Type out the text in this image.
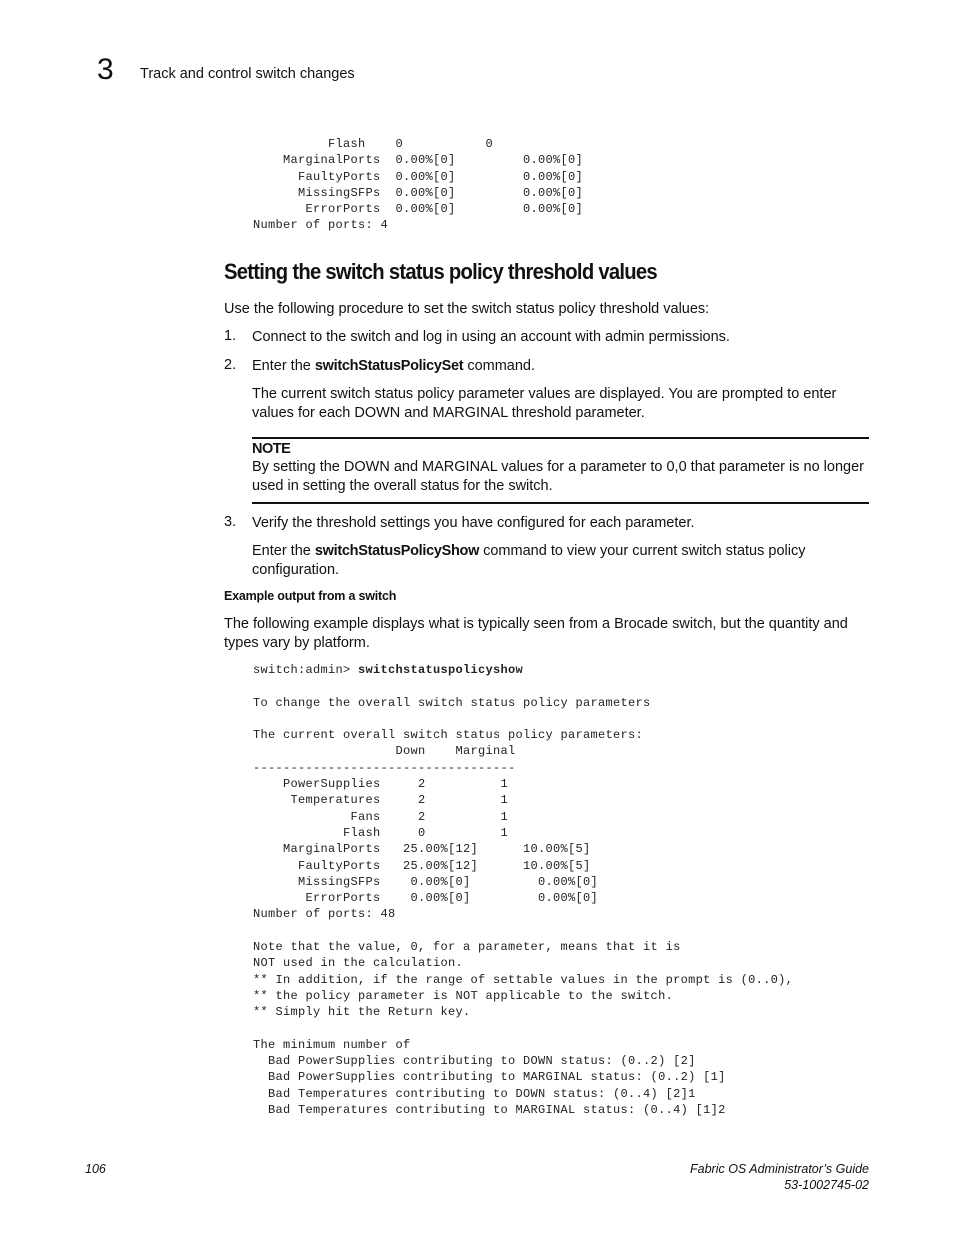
3 Track and control switch changes
Flash    0           0
MarginalPorts  0.00%[0]         0.00%[0]
FaultyPorts  0.00%[0]         0.00%[0]
MissingSFPs  0.00%[0]         0.00%[0]
ErrorPorts  0.00%[0]         0.00%[0]
Number of ports: 4
Setting the switch status policy threshold values
Use the following procedure to set the switch status policy threshold values:
1. Connect to the switch and log in using an account with admin permissions.
2. Enter the switchStatusPolicySet command.
The current switch status policy parameter values are displayed. You are prompted to enter values for each DOWN and MARGINAL threshold parameter.
NOTE
By setting the DOWN and MARGINAL values for a parameter to 0,0 that parameter is no longer used in setting the overall status for the switch.
3. Verify the threshold settings you have configured for each parameter.
Enter the switchStatusPolicyShow command to view your current switch status policy configuration.
Example output from a switch
The following example displays what is typically seen from a Brocade switch, but the quantity and types vary by platform.
switch:admin> switchstatuspolicyshow

To change the overall switch status policy parameters

The current overall switch status policy parameters:
Down    Marginal
-----------------------------------
PowerSupplies     2          1
Temperatures     2          1
Fans     2          1
Flash     0          1
MarginalPorts   25.00%[12]      10.00%[5]
FaultyPorts   25.00%[12]      10.00%[5]
MissingSFPs    0.00%[0]         0.00%[0]
ErrorPorts    0.00%[0]         0.00%[0]
Number of ports: 48

Note that the value, 0, for a parameter, means that it is
NOT used in the calculation.
** In addition, if the range of settable values in the prompt is (0..0),
** the policy parameter is NOT applicable to the switch.
** Simply hit the Return key.

The minimum number of
Bad PowerSupplies contributing to DOWN status: (0..2) [2]
Bad PowerSupplies contributing to MARGINAL status: (0..2) [1]
Bad Temperatures contributing to DOWN status: (0..4) [2]1
Bad Temperatures contributing to MARGINAL status: (0..4) [1]2
106	Fabric OS Administrator’s Guide
53-1002745-02
